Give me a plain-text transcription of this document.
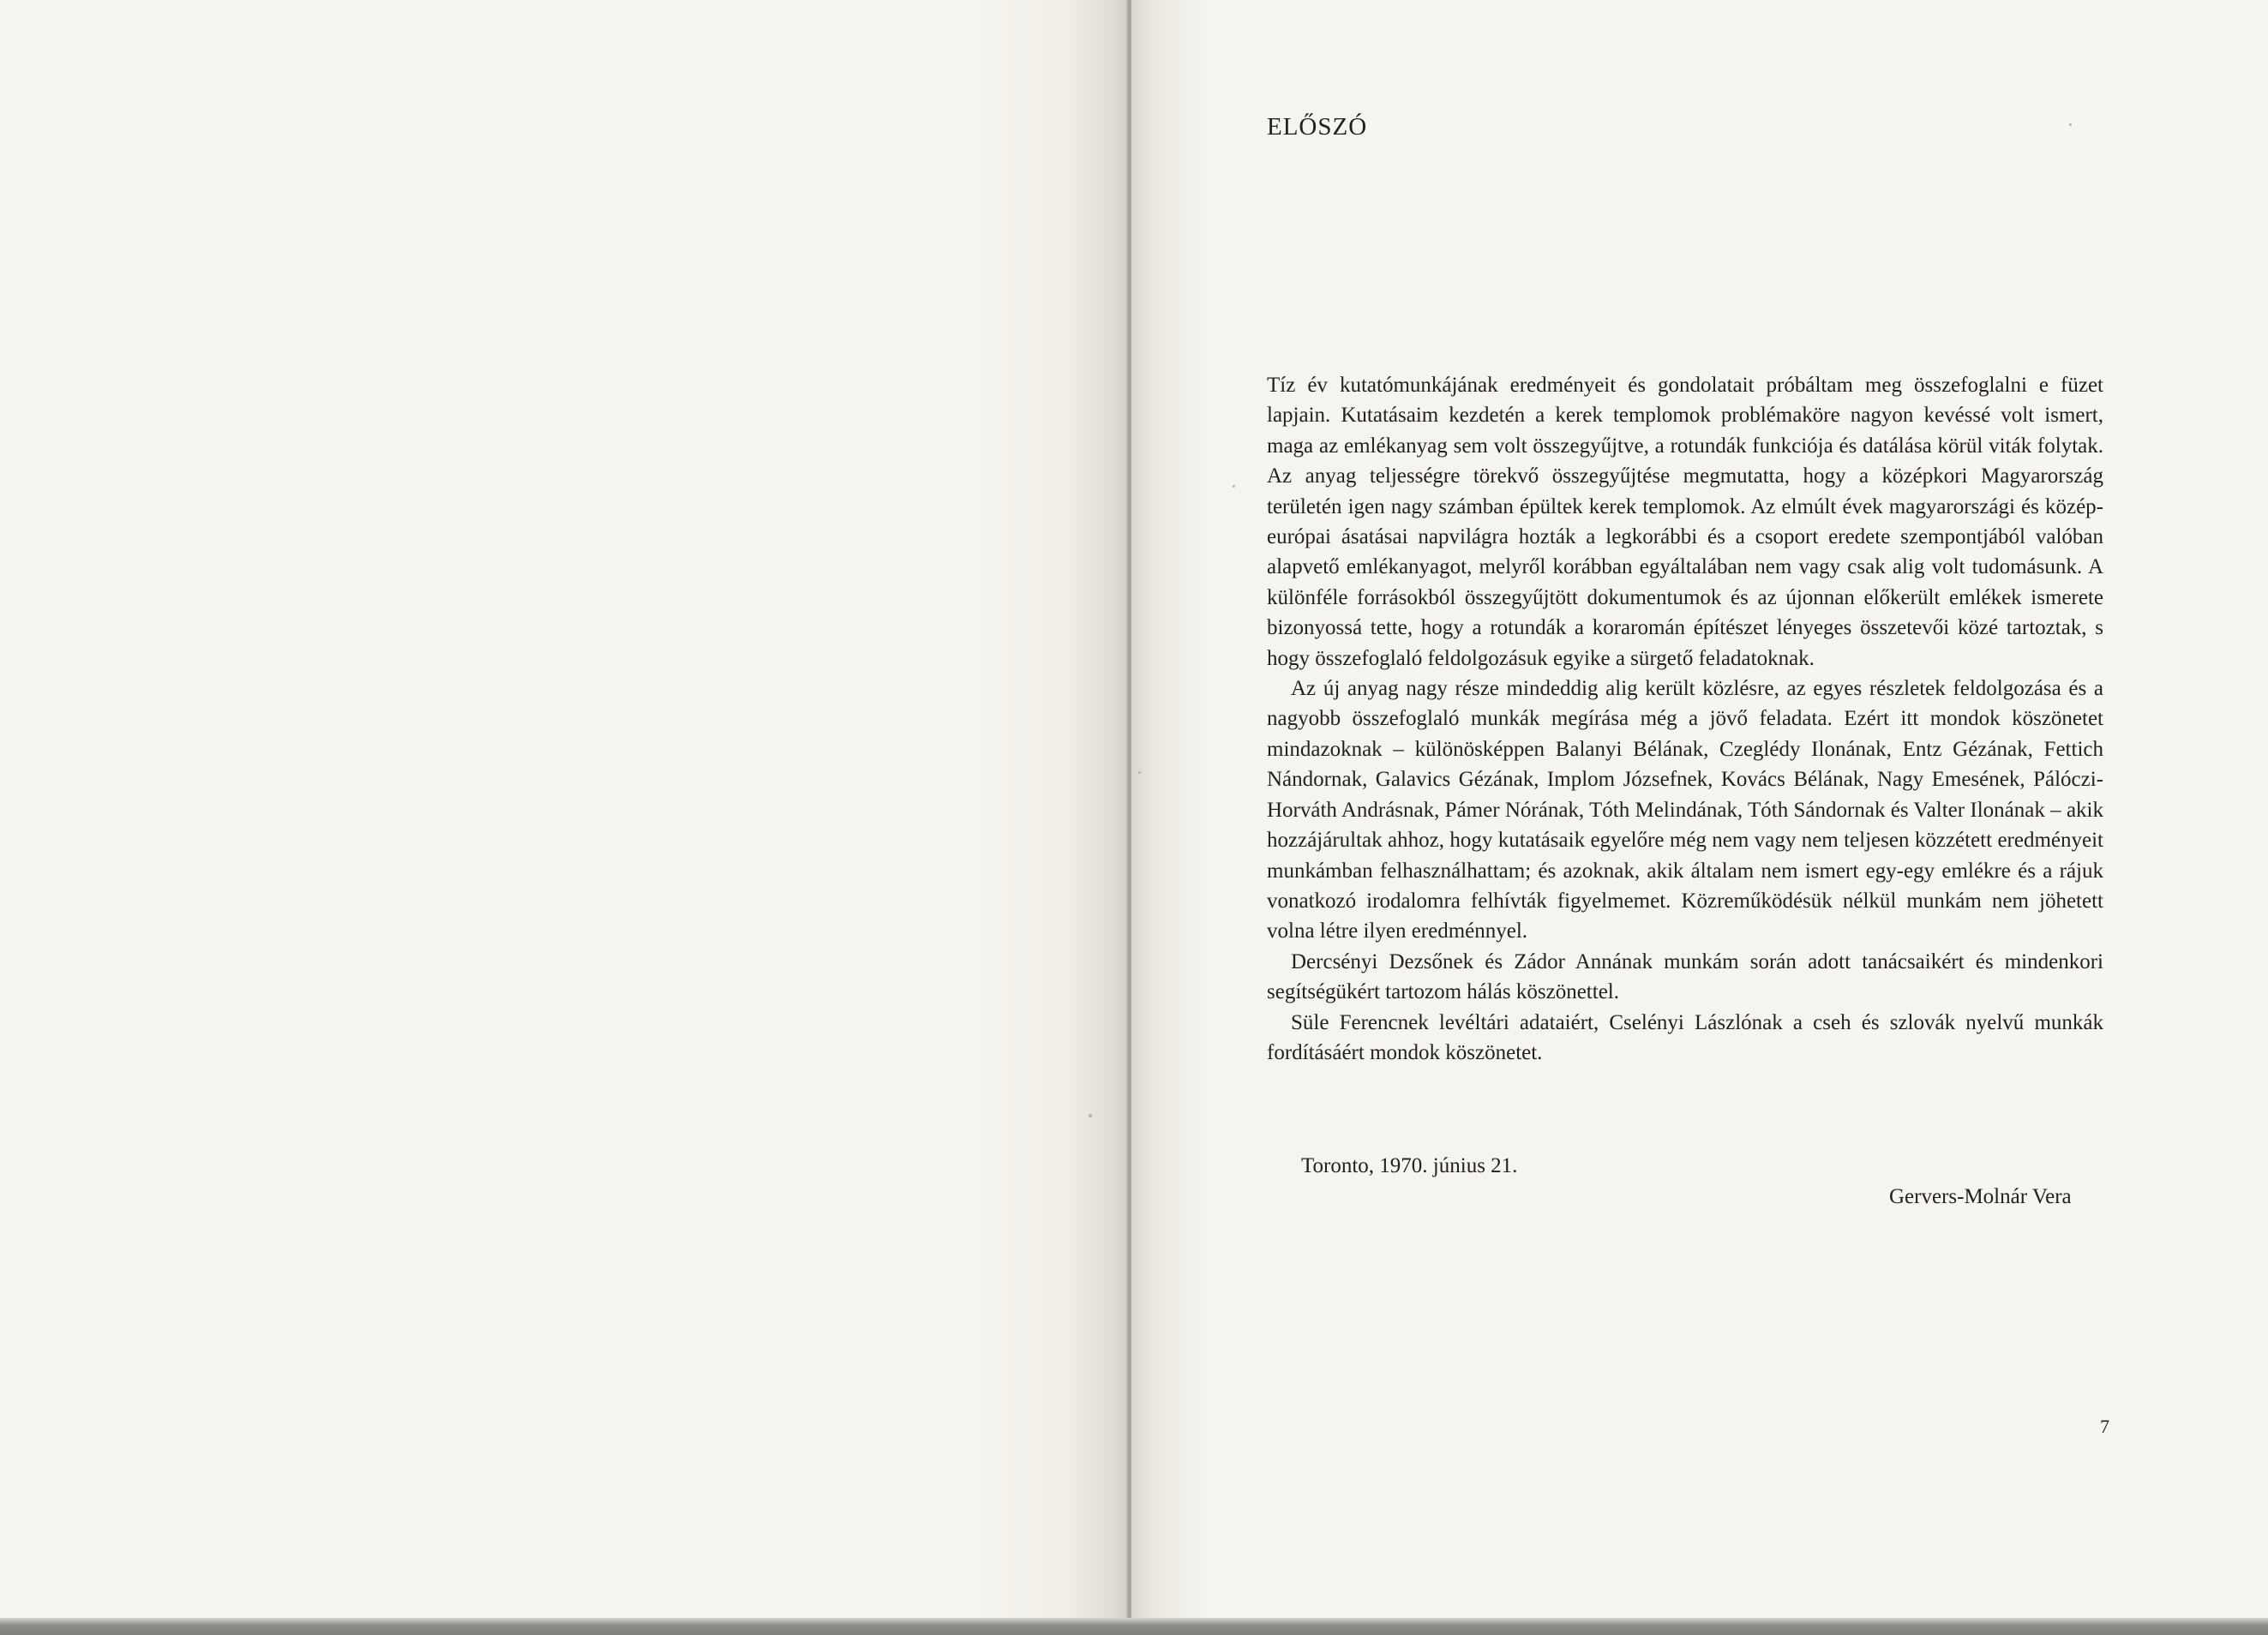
ELŐSZÓ

Tíz év kutatómunkájának eredményeit és gondolatait próbáltam meg összefoglalni e füzet lapjain. Kutatásaim kezdetén a kerek templomok problémaköre nagyon kevéssé volt ismert, maga az emlékanyag sem volt összegyűjtve, a rotundák funkciója és datálása körül viták folytak. Az anyag teljességre törekvő összegyűjtése megmutatta, hogy a középkori Magyarország területén igen nagy számban épültek kerek templomok. Az elmúlt évek magyarországi és közép-európai ásatásai napvilágra hozták a legkorábbi és a csoport eredete szempontjából valóban alapvető emlékanyagot, melyről korábban egyáltalában nem vagy csak alig volt tudomásunk. A különféle forrásokból összegyűjtött dokumentumok és az újonnan előkerült emlékek ismerete bizonyossá tette, hogy a rotundák a koraromán építészet lényeges összetevői közé tartoztak, s hogy összefoglaló feldolgozásuk egyike a sürgető feladatoknak.

Az új anyag nagy része mindeddig alig került közlésre, az egyes részletek feldolgozása és a nagyobb összefoglaló munkák megírása még a jövő feladata. Ezért itt mondok köszönetet mindazoknak – különösképpen Balanyi Bélának, Czeglédy Ilonának, Entz Gézának, Fettich Nándornak, Galavics Gézának, Implom Józsefnek, Kovács Bélának, Nagy Emesének, Pálóczi-Horváth Andrásnak, Pámer Nórának, Tóth Melindának, Tóth Sándornak és Valter Ilonának – akik hozzájárultak ahhoz, hogy kutatásaik egyelőre még nem vagy nem teljesen közzétett eredményeit munkámban felhasználhattam; és azoknak, akik általam nem ismert egy-egy emlékre és a rájuk vonatkozó irodalomra felhívták figyelmemet. Közreműködésük nélkül munkám nem jöhetett volna létre ilyen eredménnyel.

Dercsényi Dezsőnek és Zádor Annának munkám során adott tanácsaikért és mindenkori segítségükért tartozom hálás köszönettel.

Süle Ferencnek levéltári adataiért, Cselényi Lászlónak a cseh és szlovák nyelvű munkák fordításáért mondok köszönetet.

Toronto, 1970. június 21.
Gervers-Molnár Vera
7
